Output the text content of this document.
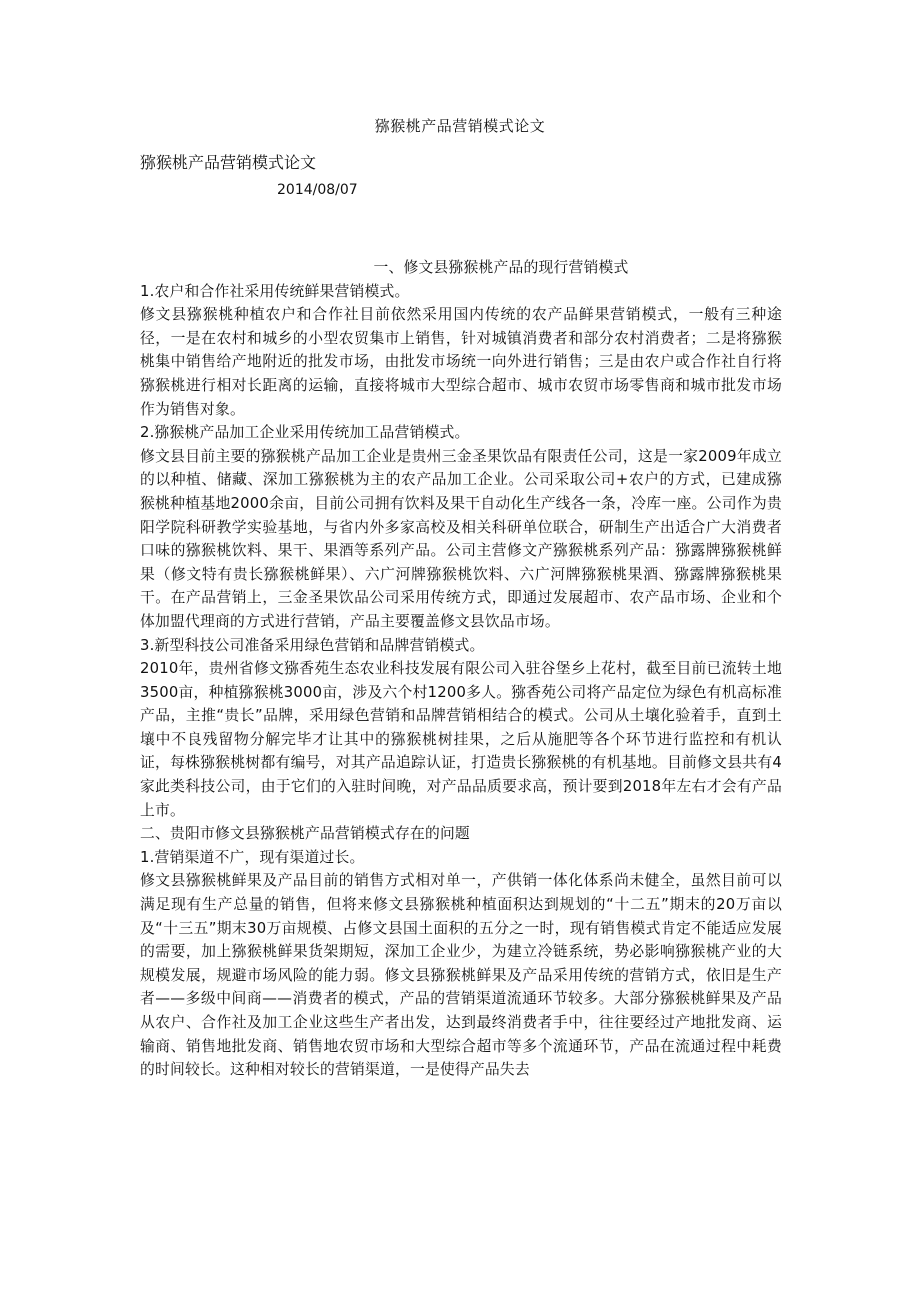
猕猴桃产品营销模式论文
猕猴桃产品营销模式论文
2014/08/07

一、修文县猕猴桃产品的现行营销模式

1.农户和合作社采用传统鲜果营销模式。

修文县猕猴桃种植农户和合作社目前依然采用国内传统的农产品鲜果营销模式，一般有三种途径，一是在农村和城乡的小型农贸集市上销售，针对城镇消费者和部分农村消费者；二是将猕猴桃集中销售给产地附近的批发市场，由批发市场统一向外进行销售；三是由农户或合作社自行将猕猴桃进行相对长距离的运输，直接将城市大型综合超市、城市农贸市场零售商和城市批发市场作为销售对象。

2.猕猴桃产品加工企业采用传统加工品营销模式。

修文县目前主要的猕猴桃产品加工企业是贵州三金圣果饮品有限责任公司，这是一家2009年成立的以种植、储藏、深加工猕猴桃为主的农产品加工企业。公司采取公司+农户的方式，已建成猕猴桃种植基地2000余亩，目前公司拥有饮料及果干自动化生产线各一条，冷库一座。公司作为贵阳学院科研教学实验基地，与省内外多家高校及相关科研单位联合，研制生产出适合广大消费者口味的猕猴桃饮料、果干、果酒等系列产品。公司主营修文产猕猴桃系列产品：猕露牌猕猴桃鲜果（修文特有贵长猕猴桃鲜果）、六广河牌猕猴桃饮料、六广河牌猕猴桃果酒、猕露牌猕猴桃果干。在产品营销上，三金圣果饮品公司采用传统方式，即通过发展超市、农产品市场、企业和个体加盟代理商的方式进行营销，产品主要覆盖修文县饮品市场。

3.新型科技公司准备采用绿色营销和品牌营销模式。

2010年，贵州省修文猕香苑生态农业科技发展有限公司入驻谷堡乡上花村，截至目前已流转土地3500亩，种植猕猴桃3000亩，涉及六个村1200多人。猕香苑公司将产品定位为绿色有机高标准产品，主推“贵长”品牌，采用绿色营销和品牌营销相结合的模式。公司从土壤化验着手，直到土壤中不良残留物分解完毕才让其中的猕猴桃树挂果，之后从施肥等各个环节进行监控和有机认证，每株猕猴桃树都有编号，对其产品追踪认证，打造贵长猕猴桃的有机基地。目前修文县共有4家此类科技公司，由于它们的入驻时间晚，对产品品质要求高，预计要到2018年左右才会有产品上市。

二、贵阳市修文县猕猴桃产品营销模式存在的问题

1.营销渠道不广，现有渠道过长。

修文县猕猴桃鲜果及产品目前的销售方式相对单一，产供销一体化体系尚未健全，虽然目前可以满足现有生产总量的销售，但将来修文县猕猴桃种植面积达到规划的“十二五”期末的20万亩以及“十三五”期末30万亩规模、占修文县国土面积的五分之一时，现有销售模式肯定不能适应发展的需要，加上猕猴桃鲜果货架期短，深加工企业少，为建立冷链系统，势必影响猕猴桃产业的大规模发展，规避市场风险的能力弱。修文县猕猴桃鲜果及产品采用传统的营销方式，依旧是生产者——多级中间商——消费者的模式，产品的营销渠道流通环节较多。大部分猕猴桃鲜果及产品从农户、合作社及加工企业这些生产者出发，达到最终消费者手中，往往要经过产地批发商、运输商、销售地批发商、销售地农贸市场和大型综合超市等多个流通环节，产品在流通过程中耗费的时间较长。这种相对较长的营销渠道，一是使得产品失去
